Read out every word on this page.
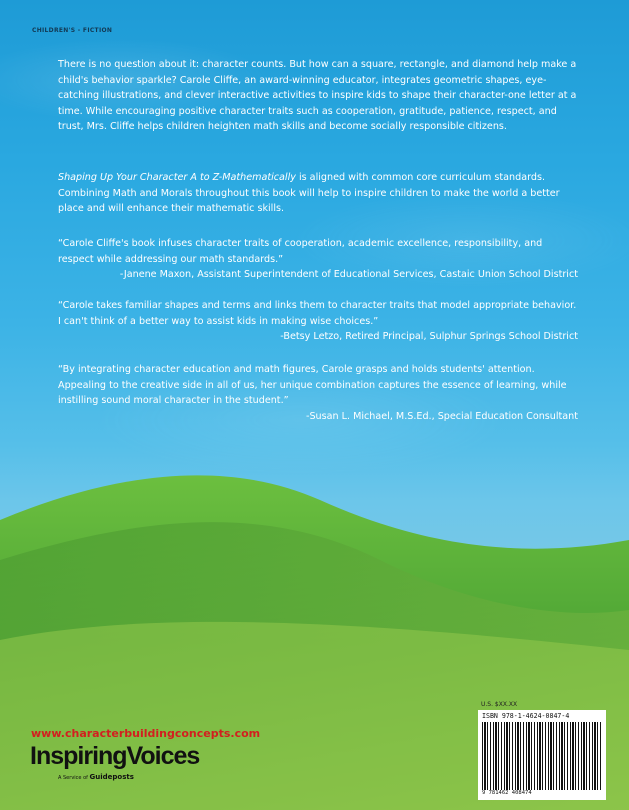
CHILDREN'S - FICTION

There is no question about it: character counts. But how can a square, rectangle, and diamond help make a child's behavior sparkle? Carole Cliffe, an award-winning educator, integrates geometric shapes, eye-catching illustrations, and clever interactive activities to inspire kids to shape their character-one letter at a time. While encouraging positive character traits such as cooperation, gratitude, patience, respect, and trust, Mrs. Cliffe helps children heighten math skills and become socially responsible citizens.

Shaping Up Your Character A to Z-Mathematically is aligned with common core curriculum standards. Combining Math and Morals throughout this book will help to inspire children to make the world a better place and will enhance their mathematic skills.

“Carole Cliffe's book infuses character traits of cooperation, academic excellence, responsibility, and respect while addressing our math standards.”

-Janene Maxon, Assistant Superintendent of Educational Services, Castaic Union School District

“Carole takes familiar shapes and terms and links them to character traits that model appropriate behavior. I can't think of a better way to assist kids in making wise choices.”

-Betsy Letzo, Retired Principal, Sulphur Springs School District

“By integrating character education and math figures, Carole grasps and holds students' attention. Appealing to the creative side in all of us, her unique combination captures the essence of learning, while instilling sound moral character in the student.”

-Susan L. Michael, M.S.Ed., Special Education Consultant
www.characterbuildingconcepts.com
InspiringVoices
A Service of Guideposts
U.S. $XX.XX
ISBN 978-1-4624-0847-4
9 781462 408474
